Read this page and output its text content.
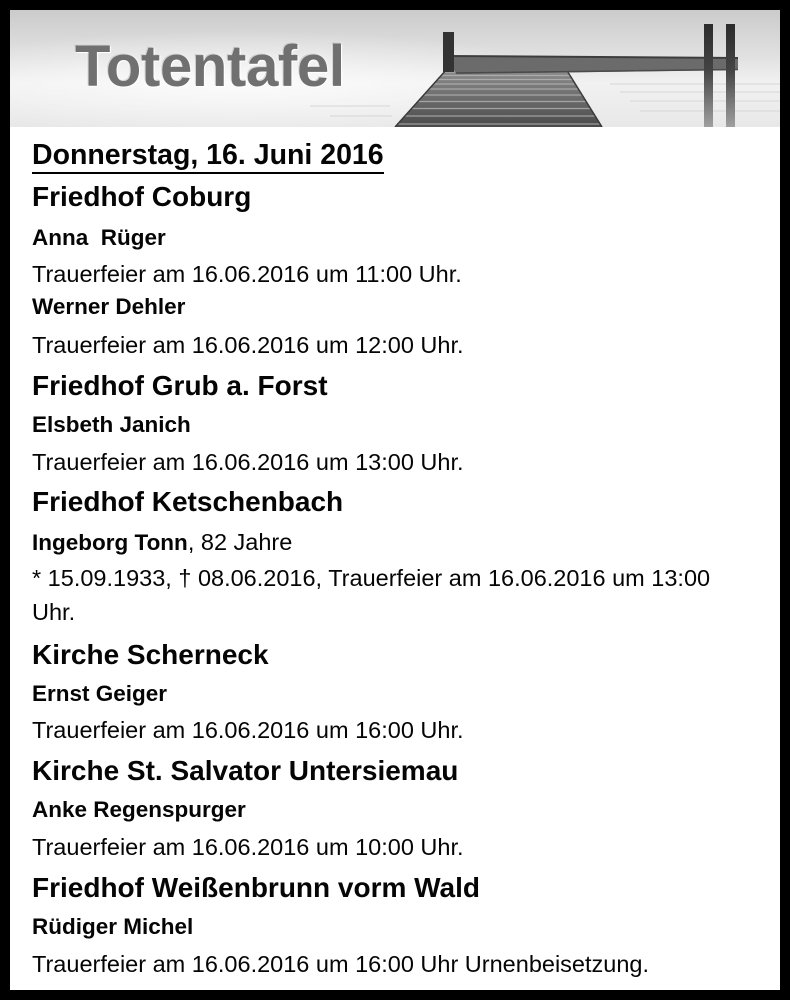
Totentafel
Donnerstag, 16. Juni 2016
Friedhof Coburg
Anna  Rüger
Trauerfeier am 16.06.2016 um 11:00 Uhr.
Werner Dehler
Trauerfeier am 16.06.2016 um 12:00 Uhr.
Friedhof Grub a. Forst
Elsbeth Janich
Trauerfeier am 16.06.2016 um 13:00 Uhr.
Friedhof Ketschenbach
Ingeborg Tonn, 82 Jahre
* 15.09.1933, † 08.06.2016, Trauerfeier am 16.06.2016 um 13:00 Uhr.
Kirche Scherneck
Ernst Geiger
Trauerfeier am 16.06.2016 um 16:00 Uhr.
Kirche St. Salvator Untersiemau
Anke Regenspurger
Trauerfeier am 16.06.2016 um 10:00 Uhr.
Friedhof Weißenbrunn vorm Wald
Rüdiger Michel
Trauerfeier am 16.06.2016 um 16:00 Uhr Urnenbeisetzung.
